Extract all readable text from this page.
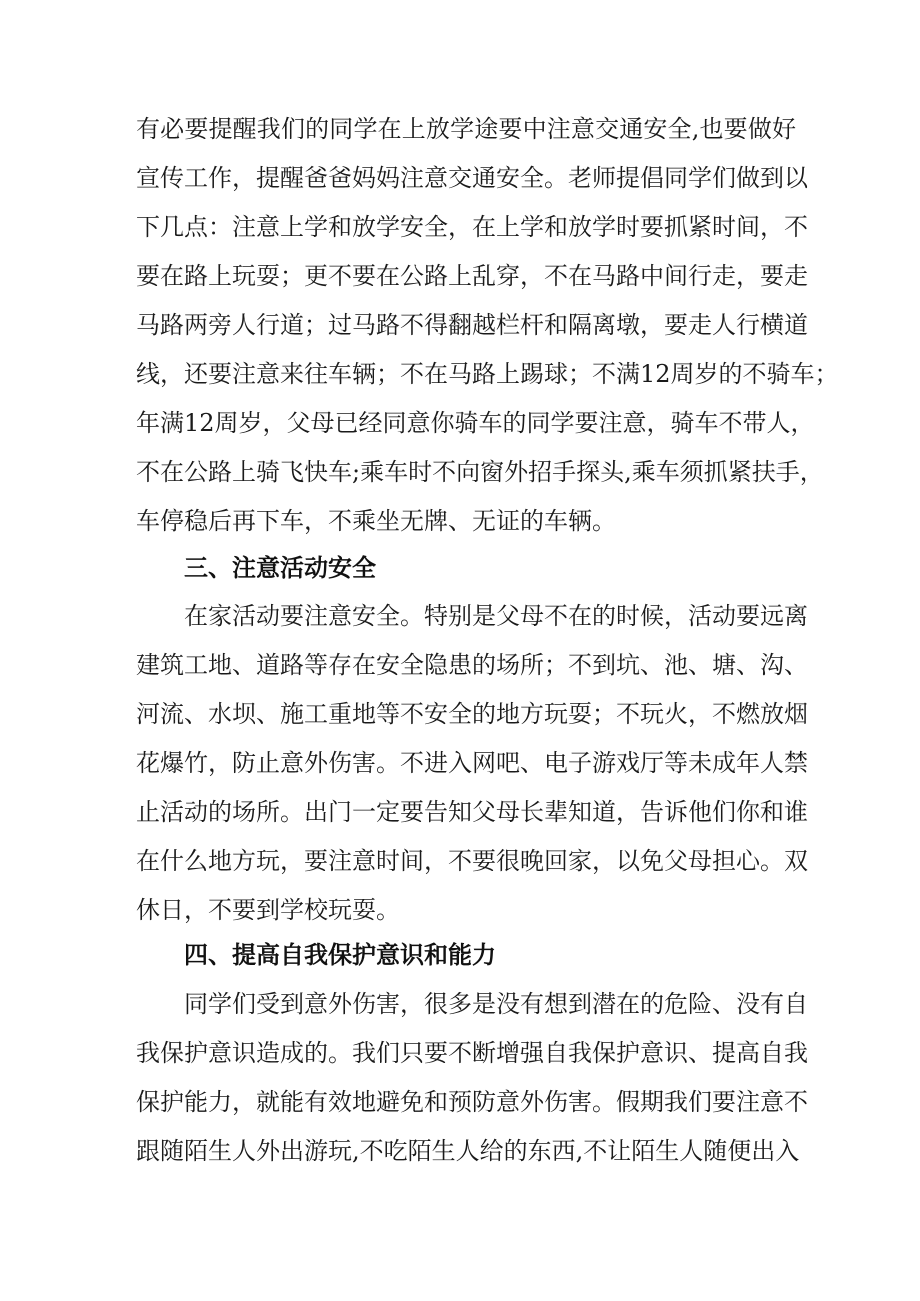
有必要提醒我们的同学在上放学途要中注意交通安全,也要做好
宣传工作，提醒爸爸妈妈注意交通安全。老师提倡同学们做到以
下几点：注意上学和放学安全，在上学和放学时要抓紧时间，不
要在路上玩耍；更不要在公路上乱穿，不在马路中间行走，要走
马路两旁人行道；过马路不得翻越栏杆和隔离墩，要走人行横道
线，还要注意来往车辆；不在马路上踢球；不满12周岁的不骑车；
年满12周岁，父母已经同意你骑车的同学要注意，骑车不带人，
不在公路上骑飞快车;乘车时不向窗外招手探头,乘车须抓紧扶手，
车停稳后再下车，不乘坐无牌、无证的车辆。
三、注意活动安全
在家活动要注意安全。特别是父母不在的时候，活动要远离
建筑工地、道路等存在安全隐患的场所；不到坑、池、塘、沟、
河流、水坝、施工重地等不安全的地方玩耍；不玩火，不燃放烟
花爆竹，防止意外伤害。不进入网吧、电子游戏厅等未成年人禁
止活动的场所。出门一定要告知父母长辈知道，告诉他们你和谁
在什么地方玩，要注意时间，不要很晚回家，以免父母担心。双
休日，不要到学校玩耍。
四、提高自我保护意识和能力
同学们受到意外伤害，很多是没有想到潜在的危险、没有自
我保护意识造成的。我们只要不断增强自我保护意识、提高自我
保护能力，就能有效地避免和预防意外伤害。假期我们要注意不
跟随陌生人外出游玩,不吃陌生人给的东西,不让陌生人随便出入
